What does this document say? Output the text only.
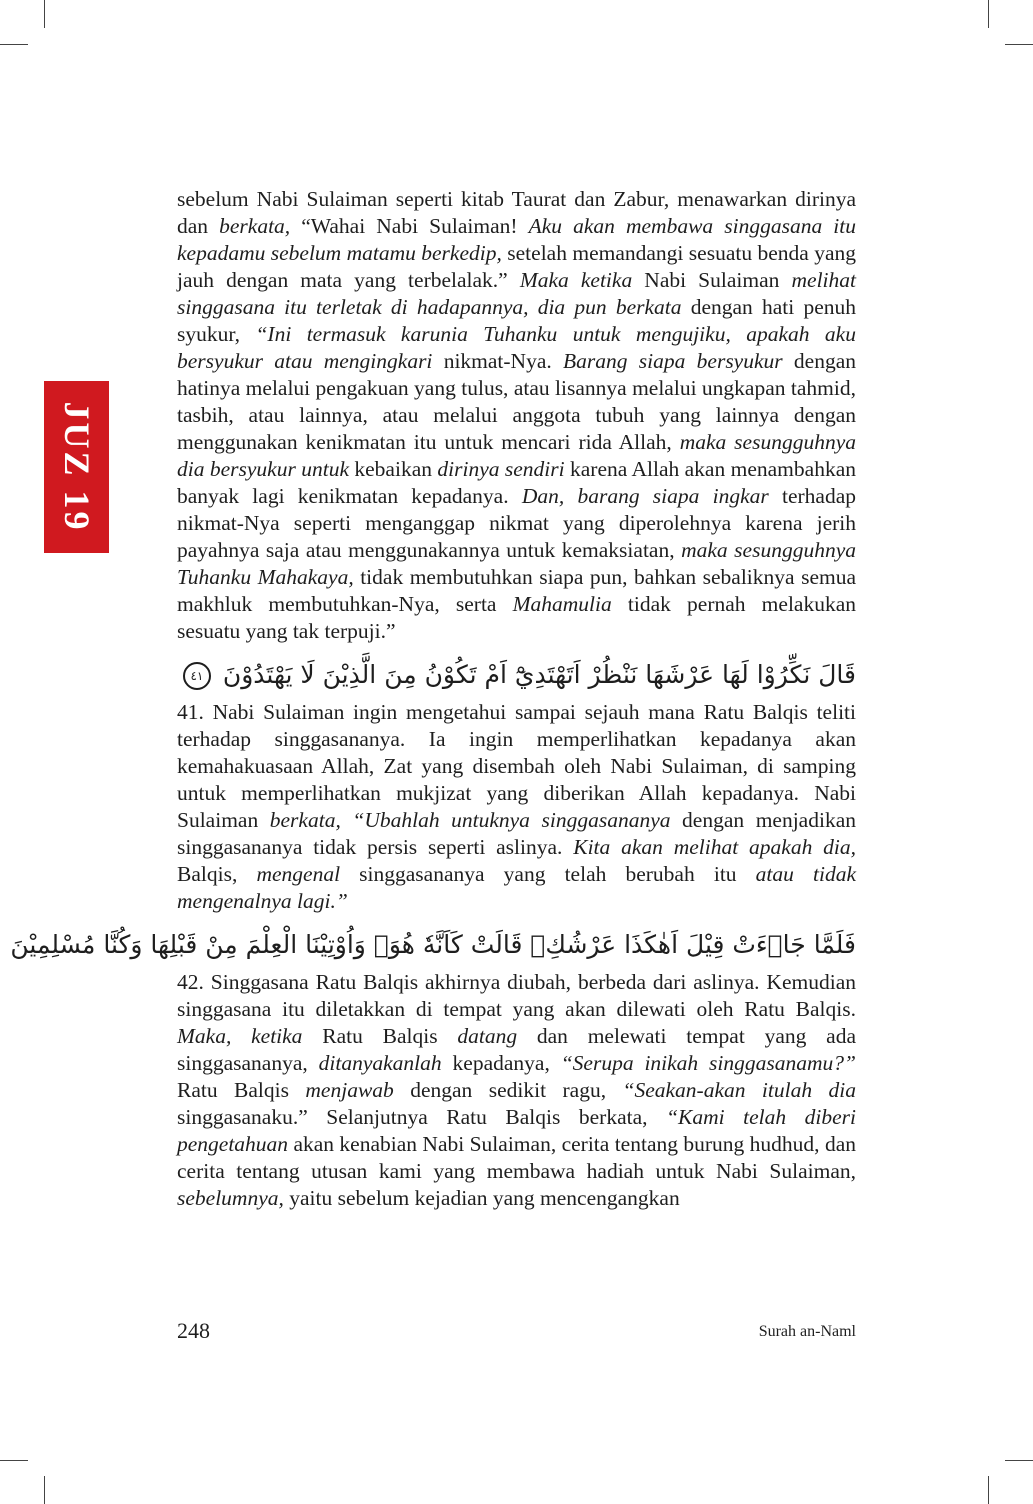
JUZ 19

sebelum Nabi Sulaiman seperti kitab Taurat dan Zabur, menawarkan dirinya dan berkata, “Wahai Nabi Sulaiman! Aku akan membawa singgasana itu kepadamu sebelum matamu berkedip, setelah memandangi sesuatu benda yang jauh dengan mata yang terbelalak.” Maka ketika Nabi Sulaiman melihat singgasana itu terletak di hadapannya, dia pun berkata dengan hati penuh syukur, “Ini termasuk karunia Tuhanku untuk mengujiku, apakah aku bersyukur atau mengingkari nikmat-Nya. Barang siapa bersyukur dengan hatinya melalui pengakuan yang tulus, atau lisannya melalui ungkapan tahmid, tasbih, atau lainnya, atau melalui anggota tubuh yang lainnya dengan menggunakan kenikmatan itu untuk mencari rida Allah, maka sesungguhnya dia bersyukur untuk kebaikan dirinya sendiri karena Allah akan menambahkan banyak lagi kenikmatan kepadanya. Dan, barang siapa ingkar terhadap nikmat-Nya seperti menganggap nikmat yang diperolehnya karena jerih payahnya saja atau menggunakannya untuk kemaksiatan, maka sesungguhnya Tuhanku Mahakaya, tidak membutuhkan siapa pun, bahkan sebaliknya semua makhluk membutuhkan-Nya, serta Mahamulia tidak pernah melakukan sesuatu yang tak terpuji.”

قَالَ نَكِّرُوْا لَهَا عَرْشَهَا نَنْظُرْ اَتَهْتَدِيْٓ اَمْ تَكُوْنُ مِنَ الَّذِيْنَ لَا يَهْتَدُوْنَ ٤١

41. Nabi Sulaiman ingin mengetahui sampai sejauh mana Ratu Balqis teliti terhadap singgasananya. Ia ingin memperlihatkan kepadanya akan kemahakuasaan Allah, Zat yang disembah oleh Nabi Sulaiman, di samping untuk memperlihatkan mukjizat yang diberikan Allah kepadanya. Nabi Sulaiman berkata, “Ubahlah untuknya singgasananya dengan menjadikan singgasananya tidak persis seperti aslinya. Kita akan melihat apakah dia, Balqis, mengenal singgasananya yang telah berubah itu atau tidak mengenalnya lagi.”

فَلَمَّا جَاۤءَتْ قِيْلَ اَهٰكَذَا عَرْشُكِۗ قَالَتْ كَاَنَّهٗ هُوَۚ وَاُوْتِيْنَا الْعِلْمَ مِنْ قَبْلِهَا وَكُنَّا مُسْلِمِيْنَ

42. Singgasana Ratu Balqis akhirnya diubah, berbeda dari aslinya. Kemudian singgasana itu diletakkan di tempat yang akan dilewati oleh Ratu Balqis. Maka, ketika Ratu Balqis datang dan melewati tempat yang ada singgasananya, ditanyakanlah kepadanya, “Serupa inikah singgasanamu?” Ratu Balqis menjawab dengan sedikit ragu, “Seakan-akan itulah dia singgasanaku.” Selanjutnya Ratu Balqis berkata, “Kami telah diberi pengetahuan akan kenabian Nabi Sulaiman, cerita tentang burung hudhud, dan cerita tentang utusan kami yang membawa hadiah untuk Nabi Sulaiman, sebelumnya, yaitu sebelum kejadian yang mencengangkan

248	Surah an-Naml
